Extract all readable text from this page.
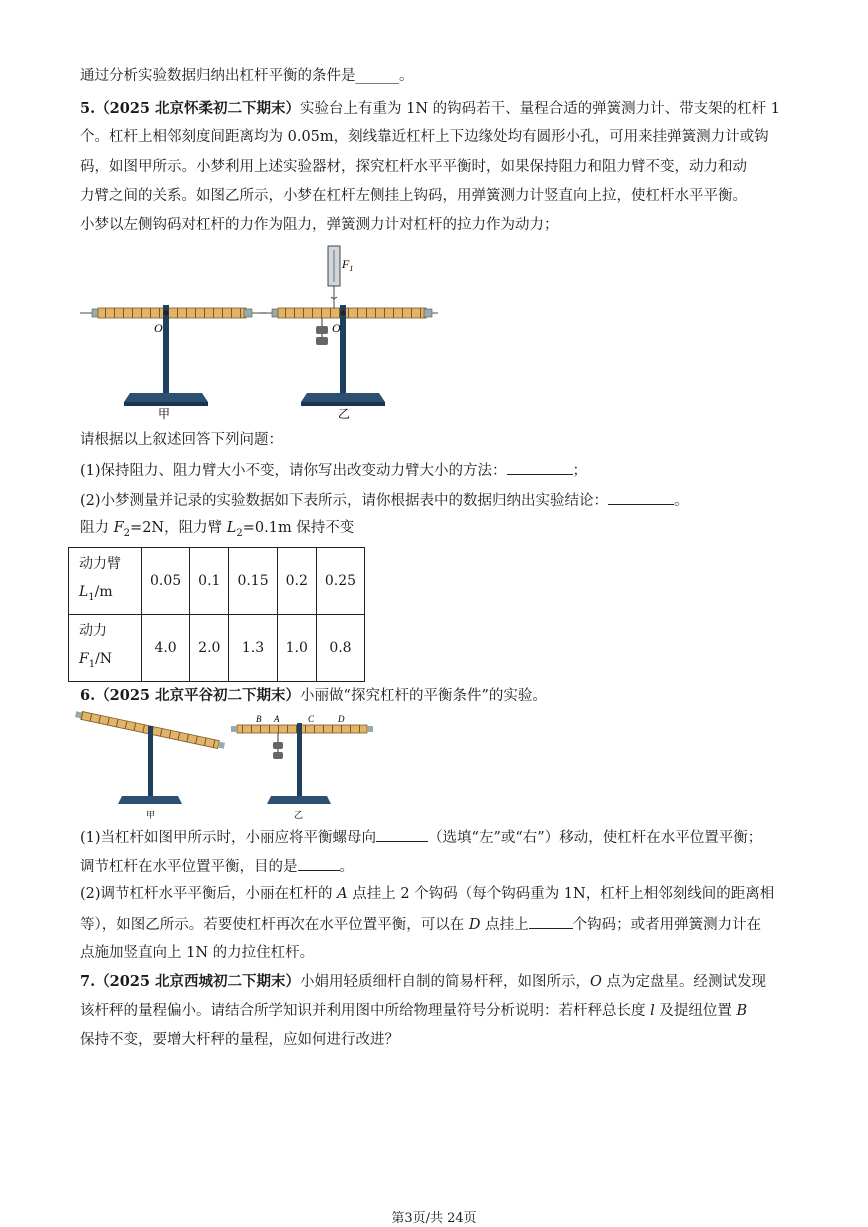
通过分析实验数据归纳出杠杆平衡的条件是______。
5.（2025 北京怀柔初二下期末）实验台上有重为 1N 的钩码若干、量程合适的弹簧测力计、带支架的杠杆 1
个。杠杆上相邻刻度间距离均为 0.05m，刻线靠近杠杆上下边缘处均有圆形小孔，可用来挂弹簧测力计或钩
码，如图甲所示。小梦利用上述实验器材，探究杠杆水平平衡时，如果保持阻力和阻力臂不变，动力和动
力臂之间的关系。如图乙所示，小梦在杠杆左侧挂上钩码，用弹簧测力计竖直向上拉，使杠杆水平平衡。
小梦以左侧钩码对杠杆的力作为阻力，弹簧测力计对杠杆的拉力作为动力；
O
甲
$F_1$
O
乙
请根据以上叙述回答下列问题：
(1)保持阻力、阻力臂大小不变，请你写出改变动力臂大小的方法：	；
(2)小梦测量并记录的实验数据如下表所示，请你根据表中的数据归纳出实验结论：	。
阻力 $F_2=2N$，阻力臂 $L_2=0.1m$ 保持不变
动力臂
$L_1/m$	0.05	0.1	0.15	0.2	0.25
动力
$F_1/N$	4.0	2.0	1.3	1.0	0.8
6.（2025 北京平谷初二下期末）小丽做“探究杠杆的平衡条件”的实验。
甲
B A	C	D
乙
(1)当杠杆如图甲所示时，小丽应将平衡螺母向	（选填“左”或“右”）移动，使杠杆在水平位置平衡；
调节杠杆在水平位置平衡，目的是	。
(2)调节杠杆水平平衡后，小丽在杠杆的 A 点挂上 2 个钩码（每个钩码重为 1N，杠杆上相邻刻线间的距离相
等），如图乙所示。若要使杠杆再次在水平位置平衡，可以在 D 点挂上	个钩码；或者用弹簧测力计在
点施加竖直向上 1N 的力拉住杠杆。
7.（2025 北京西城初二下期末）小娟用轻质细杆自制的简易杆秤，如图所示，O 点为定盘星。经测试发现
该杆秤的量程偏小。请结合所学知识并利用图中所给物理量符号分析说明：若杆秤总长度 l 及提纽位置 B
保持不变，要增大杆秤的量程，应如何进行改进？
第3页/共 24页
